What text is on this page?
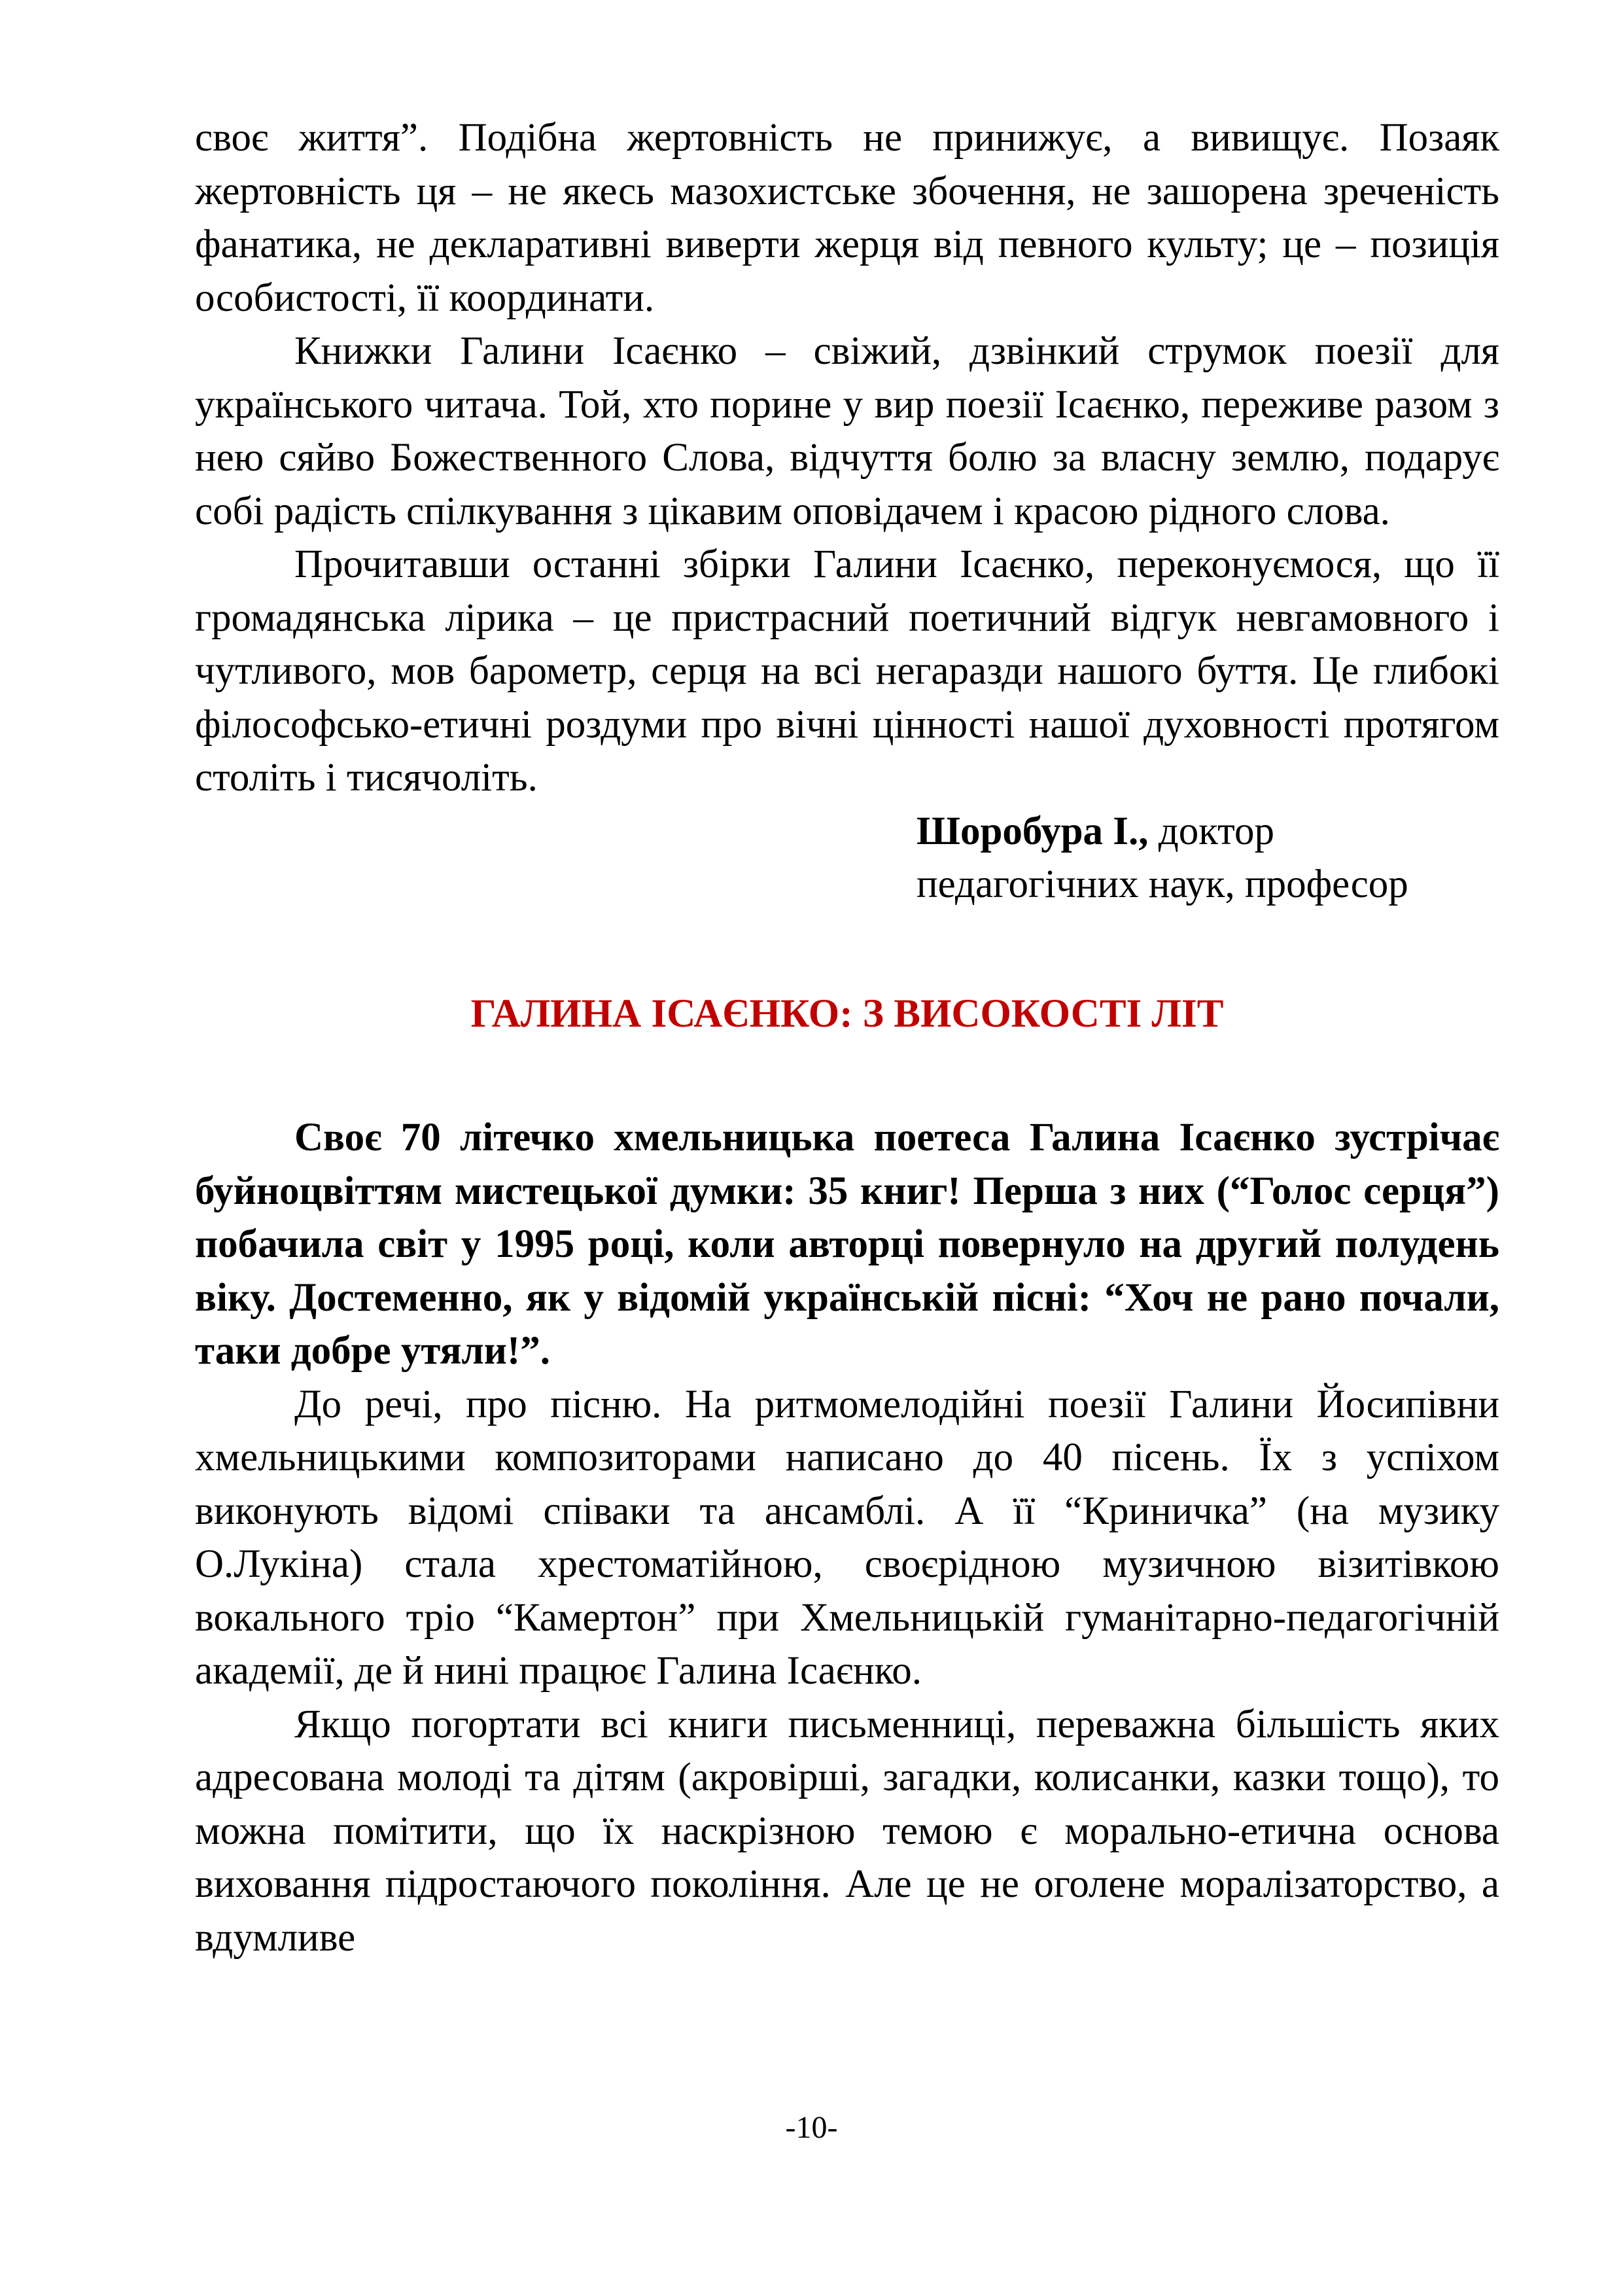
своє життя”. Подібна жертовність не принижує, а вивищує. Позаяк жертовність ця – не якесь мазохистське збочення, не зашорена зреченість фанатика, не декларативні виверти жерця від певного культу; це – позиція особистості, її координати.

Книжки Галини Ісаєнко – свіжий, дзвінкий струмок поезії для українського читача. Той, хто порине у вир поезії Ісаєнко, переживе разом з нею сяйво Божественного Слова, відчуття болю за власну землю, подарує собі радість спілкування з цікавим оповідачем і красою рідного слова.

Прочитавши останні збірки Галини Ісаєнко, переконуємося, що її громадянська лірика – це пристрасний поетичний відгук невгамовного і чутливого, мов барометр, серця на всі негаразди нашого буття. Це глибокі філософсько-етичні роздуми про вічні цінності нашої духовності протягом століть і тисячоліть.

Шоробура І., доктор

педагогічних наук, професор

ГАЛИНА ІСАЄНКО: З ВИСОКОСТІ ЛІТ

Своє 70 літечко хмельницька поетеса Галина Ісаєнко зустрічає буйноцвіттям мистецької думки: 35 книг! Перша з них (“Голос серця”) побачила світ у 1995 році, коли авторці повернуло на другий полудень віку. Достеменно, як у відомій українській пісні: “Хоч не рано почали, таки добре утяли!”.

До речі, про пісню. На ритмомелодійні поезії Галини Йосипівни хмельницькими композиторами написано до 40 пісень. Їх з успіхом виконують відомі співаки та ансамблі. А її “Криничка” (на музику О.Лукіна) стала хрестоматійною, своєрідною музичною візитівкою вокального тріо “Камертон” при Хмельницькій гуманітарно-педагогічній академії, де й нині працює Галина Ісаєнко.

Якщо погортати всі книги письменниці, переважна більшість яких адресована молоді та дітям (акровірші, загадки, колисанки, казки тощо), то можна помітити, що їх наскрізною темою є морально-етична основа виховання підростаючого покоління. Але це не оголене моралізаторство, а вдумливе

-10-
